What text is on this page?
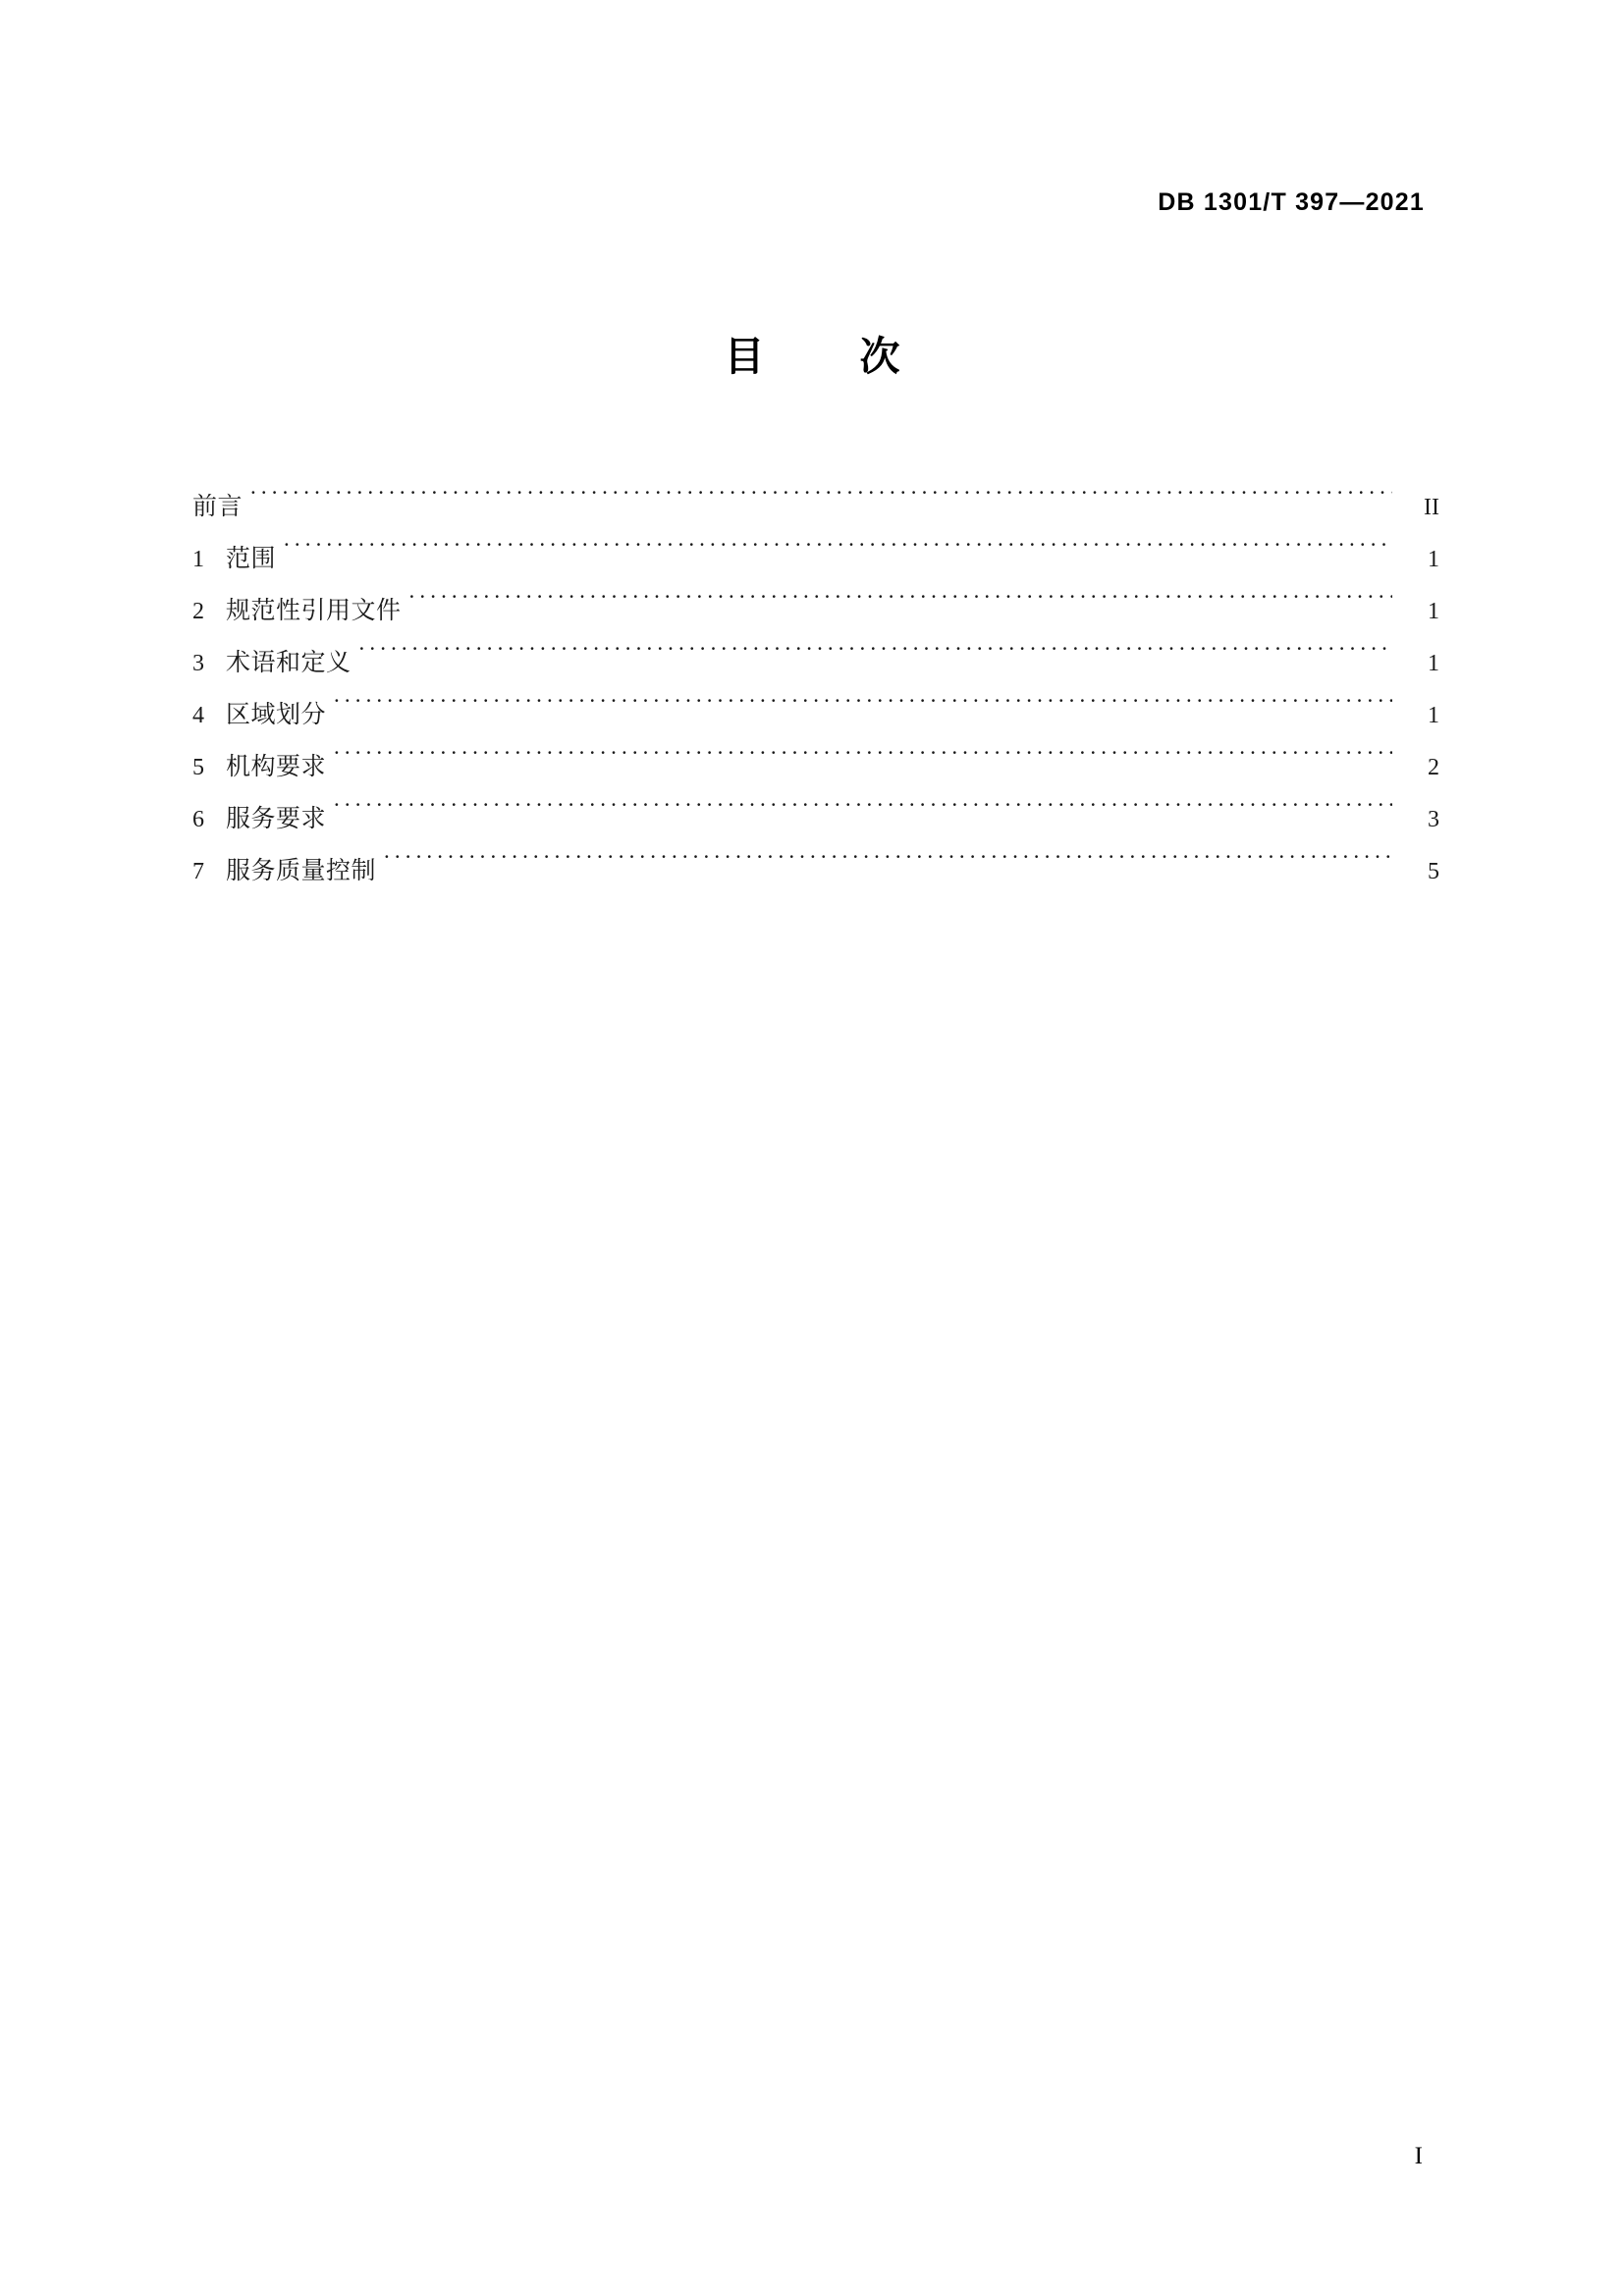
DB 1301/T 397—2021
目　次
前言 .....	II
1 范围 .....	1
2 规范性引用文件 .....	1
3 术语和定义 .....	1
4 区域划分 .....	1
5 机构要求 .....	2
6 服务要求 .....	3
7 服务质量控制 .....	5
I
